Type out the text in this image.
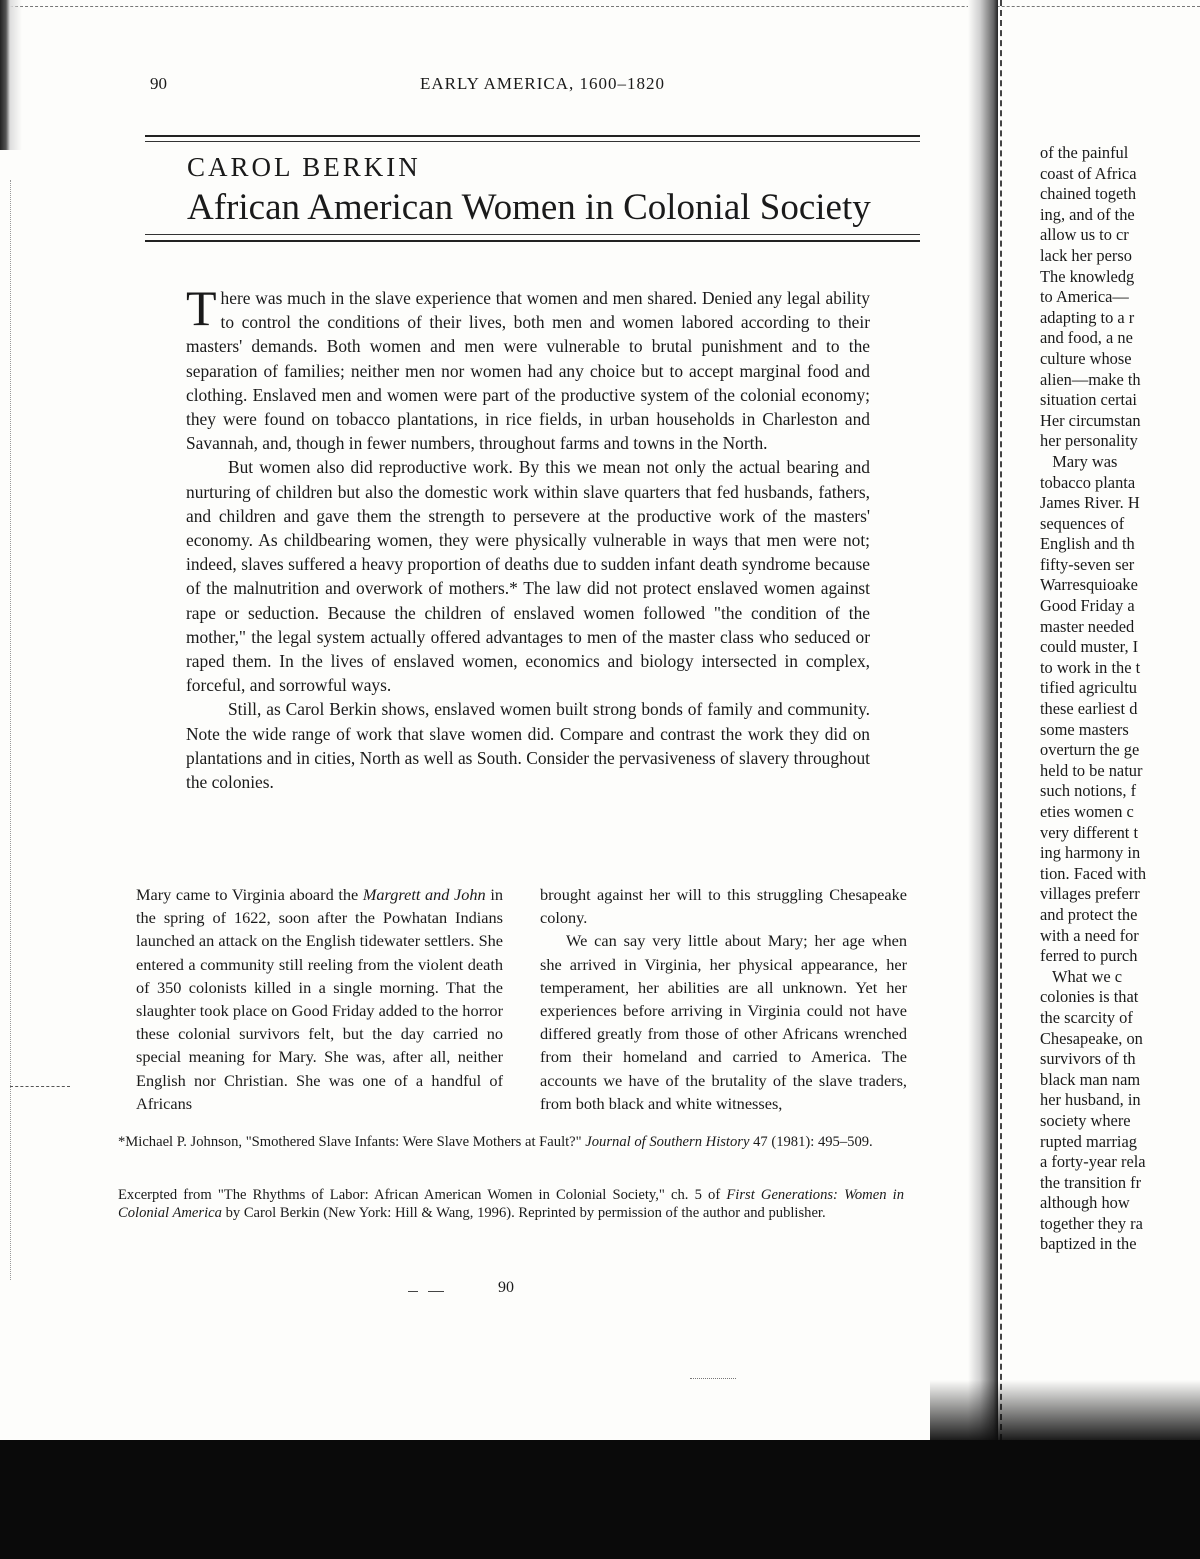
90	EARLY AMERICA, 1600–1820
CAROL BERKIN
African American Women in Colonial Society

There was much in the slave experience that women and men shared. Denied any legal ability to control the conditions of their lives, both men and women labored according to their masters' demands. Both women and men were vulnerable to brutal punishment and to the separation of families; neither men nor women had any choice but to accept marginal food and clothing. Enslaved men and women were part of the productive system of the colonial economy; they were found on tobacco plantations, in rice fields, in urban households in Charleston and Savannah, and, though in fewer numbers, throughout farms and towns in the North.

But women also did reproductive work. By this we mean not only the actual bearing and nurturing of children but also the domestic work within slave quarters that fed husbands, fathers, and children and gave them the strength to persevere at the productive work of the masters' economy. As childbearing women, they were physically vulnerable in ways that men were not; indeed, slaves suffered a heavy proportion of deaths due to sudden infant death syndrome because of the malnutrition and overwork of mothers.* The law did not protect enslaved women against rape or seduction. Because the children of enslaved women followed "the condition of the mother," the legal system actually offered advantages to men of the master class who seduced or raped them. In the lives of enslaved women, economics and biology intersected in complex, forceful, and sorrowful ways.

Still, as Carol Berkin shows, enslaved women built strong bonds of family and community. Note the wide range of work that slave women did. Compare and contrast the work they did on plantations and in cities, North as well as South. Consider the pervasiveness of slavery throughout the colonies.

Mary came to Virginia aboard the Margrett and John in the spring of 1622, soon after the Powhatan Indians launched an attack on the English tidewater settlers. She entered a community still reeling from the violent death of 350 colonists killed in a single morning. That the slaughter took place on Good Friday added to the horror these colonial survivors felt, but the day carried no special meaning for Mary. She was, after all, neither English nor Christian. She was one of a handful of Africans

brought against her will to this struggling Chesapeake colony.

We can say very little about Mary; her age when she arrived in Virginia, her physical appearance, her temperament, her abilities are all unknown. Yet her experiences before arriving in Virginia could not have differed greatly from those of other Africans wrenched from their homeland and carried to America. The accounts we have of the brutality of the slave traders, from both black and white witnesses,

*Michael P. Johnson, "Smothered Slave Infants: Were Slave Mothers at Fault?" Journal of Southern History 47 (1981): 495–509.
Excerpted from "The Rhythms of Labor: African American Women in Colonial Society," ch. 5 of First Generations: Women in Colonial America by Carol Berkin (New York: Hill & Wang, 1996). Reprinted by permission of the author and publisher.
90
of the painful
coast of Africa
chained togeth
ing, and of the
allow us to cr
lack her perso
The knowledg
to America—
adapting to a r
and food, a ne
culture whose
alien—make th
situation certai
Her circumstan
her personality
Mary was
tobacco planta
James River. H
sequences of
English and th
fifty-seven ser
Warresquioake
Good Friday a
master needed
could muster, I
to work in the t
tified agricultu
these earliest d
some masters
overturn the ge
held to be natur
such notions, f
eties women c
very different t
ing harmony in
tion. Faced with
villages preferr
and protect the
with a need for
ferred to purch
What we c
colonies is that
the scarcity of
Chesapeake, on
survivors of th
black man nam
her husband, in
society where
rupted marriag
a forty-year rela
the transition fr
although how
together they ra
baptized in the
